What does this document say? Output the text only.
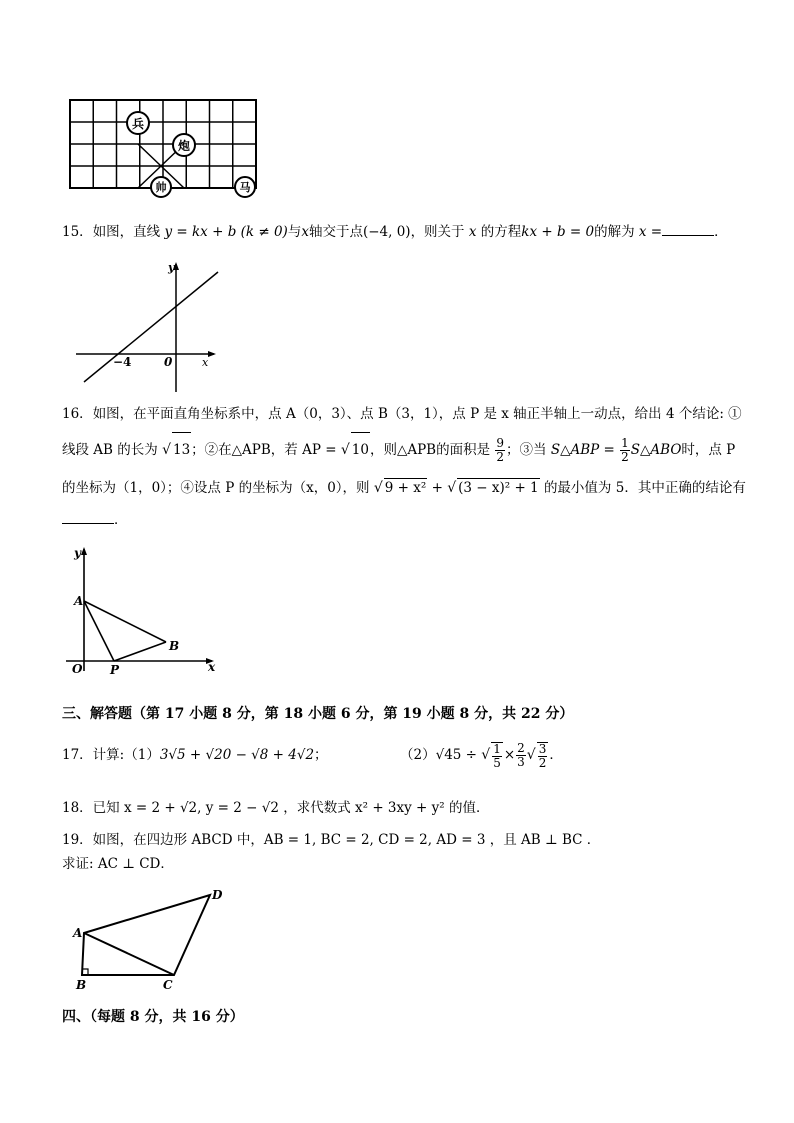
兵
炮
帅	马
15．如图，直线 y = kx + b (k ≠ 0)与x轴交于点(−4, 0)，则关于 x 的方程kx + b = 0的解为 x =	．
y
x
0
−4
16．如图，在平面直角坐标系中，点 A（0，3）、点 B（3，1），点 P 是 x 轴正半轴上一动点，给出 4 个结论: ①
线段 AB 的长为 √ 13；②在△APB，若 AP = √ 10，则△APB的面积是 $\frac{9}{2}$ ；③当 S△ABP = $\frac{1}{2}$ S△ABO时，点 P
的坐标为（1，0）；④设点 P 的坐标为（x，0），则 √ 9 + x² + √ (3 − x)² + 1 的最小值为 5．其中正确的结论有
．
y
x
O
A
B
P
三、解答题（第 17 小题 8 分，第 18 小题 6 分，第 19 小题 8 分，共 22 分）
17．计算:（1）3√5 + √20 − √8 + 4√2；	（2）√45 ÷ √ $\frac{1}{5} \times \frac{2}{3}$ √ $\frac{3}{2}$ ．
18．已知 x = 2 + √2, y = 2 − √2 ，求代数式 x² + 3xy + y² 的值．
19．如图，在四边形 ABCD 中，AB = 1, BC = 2, CD = 2, AD = 3 ，且 AB ⊥ BC ．
求证: AC ⊥ CD．
A
B	C
D
四、（每题 8 分，共 16 分）
